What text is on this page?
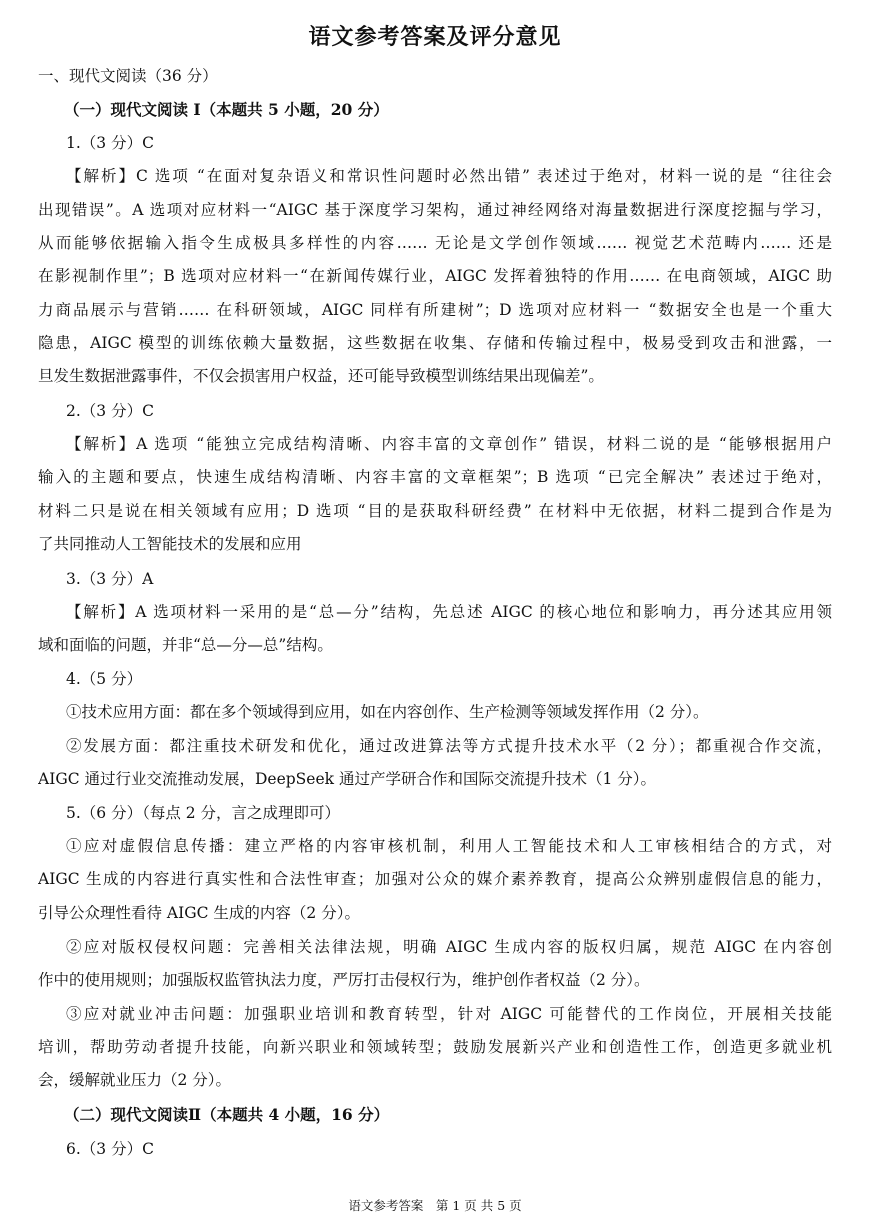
语文参考答案及评分意见
一、现代文阅读（36 分）
（一）现代文阅读 I（本题共 5 小题，20 分）
1.（3 分）C
【解析】C 选项 “在面对复杂语义和常识性问题时必然出错” 表述过于绝对，材料一说的是 “往往会
出现错误”。A 选项对应材料一“AIGC 基于深度学习架构，通过神经网络对海量数据进行深度挖掘与学习，
从而能够依据输入指令生成极具多样性的内容…… 无论是文学创作领域…… 视觉艺术范畴内…… 还是
在影视制作里”；B 选项对应材料一“在新闻传媒行业，AIGC 发挥着独特的作用…… 在电商领域，AIGC 助
力商品展示与营销…… 在科研领域，AIGC 同样有所建树”；D 选项对应材料一 “数据安全也是一个重大
隐患，AIGC 模型的训练依赖大量数据，这些数据在收集、存储和传输过程中，极易受到攻击和泄露，一
旦发生数据泄露事件，不仅会损害用户权益，还可能导致模型训练结果出现偏差”。
2.（3 分）C
【解析】A 选项 “能独立完成结构清晰、内容丰富的文章创作” 错误，材料二说的是 “能够根据用户
输入的主题和要点，快速生成结构清晰、内容丰富的文章框架”；B 选项 “已完全解决” 表述过于绝对，
材料二只是说在相关领域有应用；D 选项 “目的是获取科研经费” 在材料中无依据，材料二提到合作是为
了共同推动人工智能技术的发展和应用
3.（3 分）A
【解析】A 选项材料一采用的是“总—分”结构，先总述 AIGC 的核心地位和影响力，再分述其应用领
域和面临的问题，并非“总—分—总”结构。
4.（5 分）
①技术应用方面：都在多个领域得到应用，如在内容创作、生产检测等领域发挥作用（2 分）。
②发展方面：都注重技术研发和优化，通过改进算法等方式提升技术水平（2 分）；都重视合作交流，
AIGC 通过行业交流推动发展，DeepSeek 通过产学研合作和国际交流提升技术（1 分）。
5.（6 分）（每点 2 分，言之成理即可）
①应对虚假信息传播：建立严格的内容审核机制，利用人工智能技术和人工审核相结合的方式，对
AIGC 生成的内容进行真实性和合法性审查；加强对公众的媒介素养教育，提高公众辨别虚假信息的能力，
引导公众理性看待 AIGC 生成的内容（2 分）。
②应对版权侵权问题：完善相关法律法规，明确 AIGC 生成内容的版权归属，规范 AIGC 在内容创
作中的使用规则；加强版权监管执法力度，严厉打击侵权行为，维护创作者权益（2 分）。
③应对就业冲击问题：加强职业培训和教育转型，针对 AIGC 可能替代的工作岗位，开展相关技能
培训，帮助劳动者提升技能，向新兴职业和领域转型；鼓励发展新兴产业和创造性工作，创造更多就业机
会，缓解就业压力（2 分）。
（二）现代文阅读Ⅱ（本题共 4 小题，16 分）
6.（3 分）C
语文参考答案　第 1 页 共 5 页
